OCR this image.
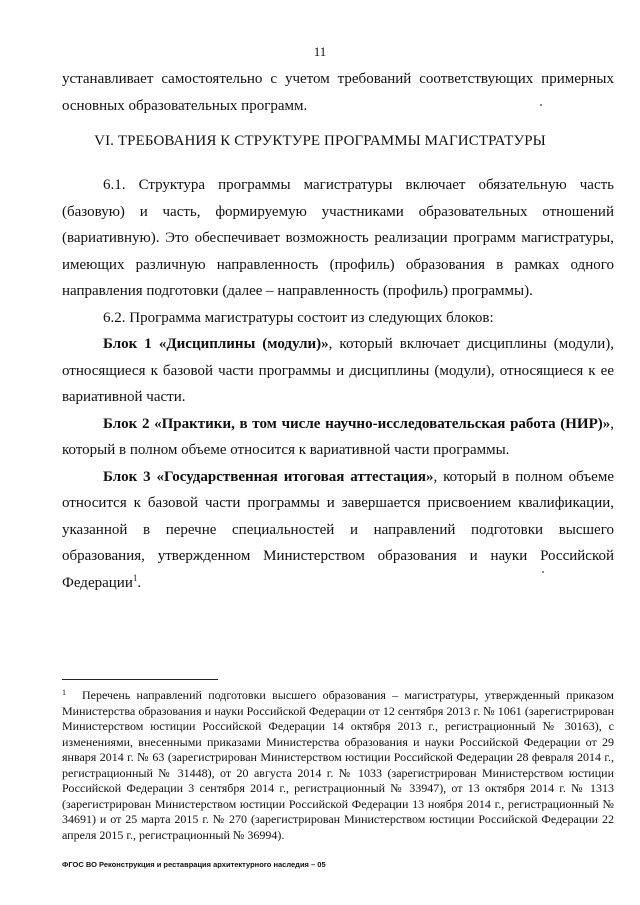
11

устанавливает самостоятельно с учетом требований соответствующих примерных основных образовательных программ.

VI. ТРЕБОВАНИЯ К СТРУКТУРЕ ПРОГРАММЫ МАГИСТРАТУРЫ

6.1. Структура программы магистратуры включает обязательную часть (базовую) и часть, формируемую участниками образовательных отношений (вариативную). Это обеспечивает возможность реализации программ магистратуры, имеющих различную направленность (профиль) образования в рамках одного направления подготовки (далее – направленность (профиль) программы).

6.2. Программа магистратуры состоит из следующих блоков:

Блок 1 «Дисциплины (модули)», который включает дисциплины (модули), относящиеся к базовой части программы и дисциплины (модули), относящиеся к ее вариативной части.

Блок 2 «Практики, в том числе научно-исследовательская работа (НИР)», который в полном объеме относится к вариативной части программы.

Блок 3 «Государственная итоговая аттестация», который в полном объеме относится к базовой части программы и завершается присвоением квалификации, указанной в перечне специальностей и направлений подготовки высшего образования, утвержденном Министерством образования и науки Российской Федерации$^1$.

$^1$ Перечень направлений подготовки высшего образования – магистратуры, утвержденный приказом Министерства образования и науки Российской Федерации от 12 сентября 2013 г. № 1061 (зарегистрирован Министерством юстиции Российской Федерации 14 октября 2013 г., регистрационный № 30163), с изменениями, внесенными приказами Министерства образования и науки Российской Федерации от 29 января 2014 г. № 63 (зарегистрирован Министерством юстиции Российской Федерации 28 февраля 2014 г., регистрационный № 31448), от 20 августа 2014 г. № 1033 (зарегистрирован Министерством юстиции Российской Федерации 3 сентября 2014 г., регистрационный № 33947), от 13 октября 2014 г. № 1313 (зарегистрирован Министерством юстиции Российской Федерации 13 ноября 2014 г., регистрационный № 34691) и от 25 марта 2015 г. № 270 (зарегистрирован Министерством юстиции Российской Федерации 22 апреля 2015 г., регистрационный № 36994).

ФГОС ВО Реконструкция и реставрация архитектурного наследия – 05
